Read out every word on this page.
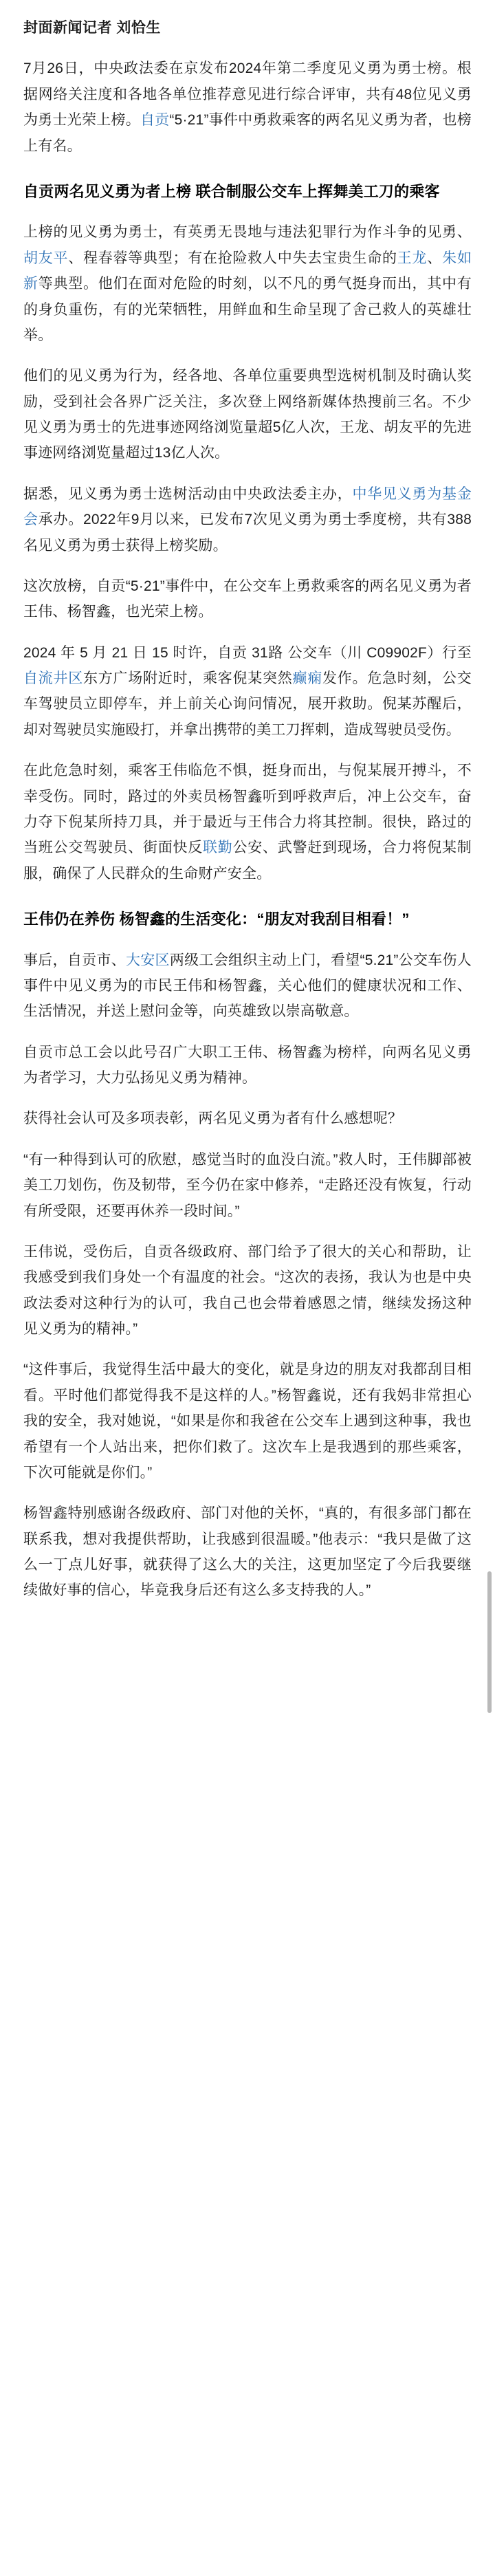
封面新闻记者 刘恰生

7月26日，中央政法委在京发布2024年第二季度见义勇为勇士榜。根据网络关注度和各地各单位推荐意见进行综合评审，共有48位见义勇为勇士光荣上榜。自贡“5·21”事件中勇救乘客的两名见义勇为者，也榜上有名。

自贡两名见义勇为者上榜 联合制服公交车上挥舞美工刀的乘客

上榜的见义勇为勇士，有英勇无畏地与违法犯罪行为作斗争的见勇、胡友平、程春蓉等典型；有在抢险救人中失去宝贵生命的王龙、朱如新等典型。他们在面对危险的时刻，以不凡的勇气挺身而出，其中有的身负重伤，有的光荣牺牲，用鲜血和生命呈现了舍己救人的英雄壮举。

他们的见义勇为行为，经各地、各单位重要典型选树机制及时确认奖励，受到社会各界广泛关注，多次登上网络新媒体热搜前三名。不少见义勇为勇士的先进事迹网络浏览量超5亿人次，王龙、胡友平的先进事迹网络浏览量超过13亿人次。

据悉，见义勇为勇士选树活动由中央政法委主办，中华见义勇为基金会承办。2022年9月以来，已发布7次见义勇为勇士季度榜，共有388名见义勇为勇士获得上榜奖励。

这次放榜，自贡“5·21”事件中，在公交车上勇救乘客的两名见义勇为者王伟、杨智鑫，也光荣上榜。

2024 年 5 月 21 日 15 时许，自贡 31路 公交车（川 C09902F）行至自流井区东方广场附近时，乘客倪某突然癫痫发作。危急时刻，公交车驾驶员立即停车，并上前关心询问情况，展开救助。倪某苏醒后，却对驾驶员实施殴打，并拿出携带的美工刀挥刺，造成驾驶员受伤。

在此危急时刻，乘客王伟临危不惧，挺身而出，与倪某展开搏斗，不幸受伤。同时，路过的外卖员杨智鑫听到呼救声后，冲上公交车，奋力夺下倪某所持刀具，并于最近与王伟合力将其控制。很快，路过的当班公交驾驶员、街面快反联勤公安、武警赶到现场，合力将倪某制服，确保了人民群众的生命财产安全。

王伟仍在养伤 杨智鑫的生活变化：“朋友对我刮目相看！”

事后，自贡市、大安区两级工会组织主动上门，看望“5.21”公交车伤人事件中见义勇为的市民王伟和杨智鑫，关心他们的健康状况和工作、生活情况，并送上慰问金等，向英雄致以崇高敬意。

自贡市总工会以此号召广大职工王伟、杨智鑫为榜样，向两名见义勇为者学习，大力弘扬见义勇为精神。

获得社会认可及多项表彰，两名见义勇为者有什么感想呢？

“有一种得到认可的欣慰，感觉当时的血没白流。”救人时，王伟脚部被美工刀划伤，伤及韧带，至今仍在家中修养，“走路还没有恢复，行动有所受限，还要再休养一段时间。”

王伟说，受伤后，自贡各级政府、部门给予了很大的关心和帮助，让我感受到我们身处一个有温度的社会。“这次的表扬，我认为也是中央政法委对这种行为的认可，我自己也会带着感恩之情，继续发扬这种见义勇为的精神。”

“这件事后，我觉得生活中最大的变化，就是身边的朋友对我都刮目相看。平时他们都觉得我不是这样的人。”杨智鑫说，还有我妈非常担心我的安全，我对她说，“如果是你和我爸在公交车上遇到这种事，我也希望有一个人站出来，把你们救了。这次车上是我遇到的那些乘客，下次可能就是你们。”

杨智鑫特别感谢各级政府、部门对他的关怀，“真的，有很多部门都在联系我，想对我提供帮助，让我感到很温暖。”他表示：“我只是做了这么一丁点儿好事，就获得了这么大的关注，这更加坚定了今后我要继续做好事的信心，毕竟我身后还有这么多支持我的人。”
